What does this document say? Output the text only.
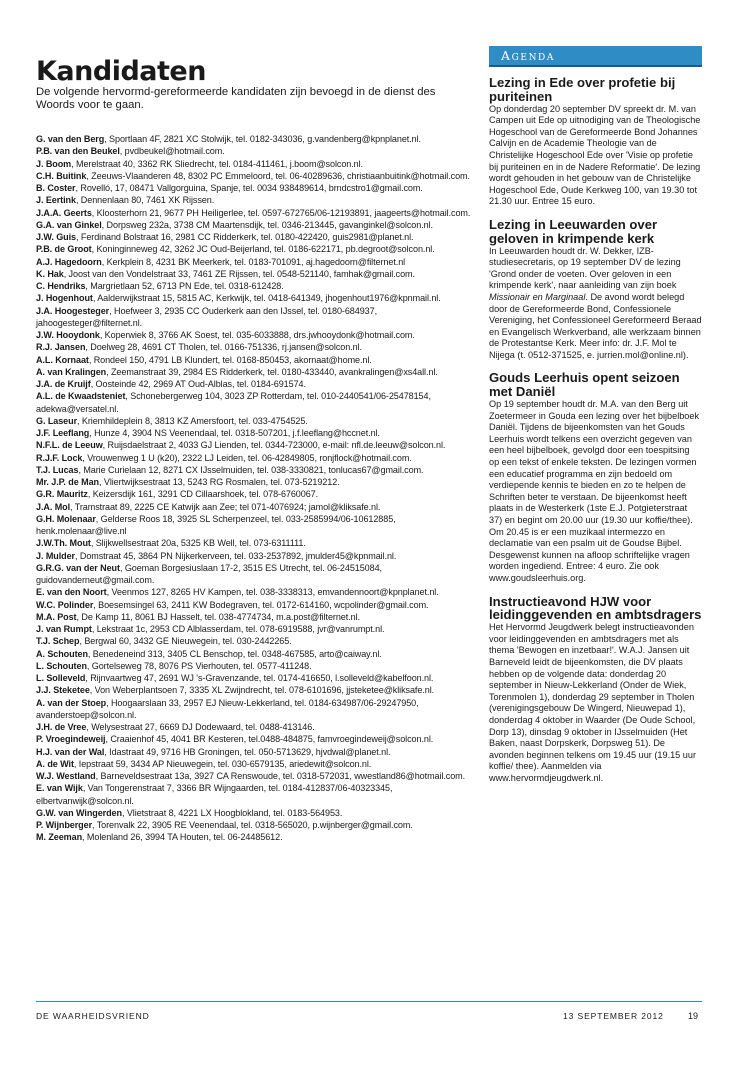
Kandidaten

De volgende hervormd-gereformeerde kandidaten zijn bevoegd in de dienst des Woords voor te gaan.

G. van den Berg, Sportlaan 4F, 2821 XC Stolwijk, tel. 0182-343036, g.vandenberg@kpnplanet.nl.
P.B. van den Beukel, pvdbeukel@hotmail.com.
J. Boom, Merelstraat 40, 3362 RK Sliedrecht, tel. 0184-411461, j.boom@solcon.nl.
C.H. Buitink, Zeeuws-Vlaanderen 48, 8302 PC Emmeloord, tel. 06-40289636, christiaanbuitink@hotmail.com.
B. Coster, Rovelló, 17, 08471 Vallgorguina, Spanje, tel. 0034 938489614, brndcstro1@gmail.com.
J. Eertink, Dennenlaan 80, 7461 XK Rijssen.
J.A.A. Geerts, Kloosterhorn 21, 9677 PH Heiligerlee, tel. 0597-672765/06-12193891, jaageerts@hotmail.com.
G.A. van Ginkel, Dorpsweg 232a, 3738 CM Maartensdijk, tel. 0346-213445, gavanginkel@solcon.nl.
J.W. Guis, Ferdinand Bolstraat 16, 2981 CC Ridderkerk, tel. 0180-422420, guis2981@planet.nl.
P.B. de Groot, Koninginneweg 42, 3262 JC Oud-Beijerland, tel. 0186-622171, pb.degroot@solcon.nl.
A.J. Hagedoorn, Kerkplein 8, 4231 BK Meerkerk, tel. 0183-701091, aj.hagedoorn@filternet.nl
K. Hak, Joost van den Vondelstraat 33, 7461 ZE Rijssen, tel. 0548-521140, famhak@gmail.com.
C. Hendriks, Margrietlaan 52, 6713 PN Ede, tel. 0318-612428.
J. Hogenhout, Aalderwijkstraat 15, 5815 AC, Kerkwijk, tel. 0418-641349, jhogenhout1976@kpnmail.nl.
J.A. Hoogesteger, Hoefweer 3, 2935 CC Ouderkerk aan den IJssel, tel. 0180-684937, jahoogesteger@filternet.nl.
J.W. Hooydonk, Koperwiek 8, 3766 AK Soest, tel. 035-6033888, drs.jwhooydonk@hotmail.com.
R.J. Jansen, Doelweg 28, 4691 CT Tholen, tel. 0166-751336, rj.jansen@solcon.nl.
A.L. Kornaat, Rondeel 150, 4791 LB Klundert, tel. 0168-850453, akornaat@home.nl.
A. van Kralingen, Zeemanstraat 39, 2984 ES Ridderkerk, tel. 0180-433440, avankralingen@xs4all.nl.
J.A. de Kruijf, Oosteinde 42, 2969 AT Oud-Alblas, tel. 0184-691574.
A.L. de Kwaadsteniet, Schonebergerweg 104, 3023 ZP Rotterdam, tel. 010-2440541/06-25478154, adekwa@versatel.nl.
G. Laseur, Kriemhildeplein 8, 3813 KZ Amersfoort, tel. 033-4754525.
J.F. Leeflang, Hunze 4, 3904 NS Veenendaal, tel. 0318-507201, j.f.leeflang@hccnet.nl.
N.F.L. de Leeuw, Ruijsdaelstraat 2, 4033 GJ Lienden, tel. 0344-723000, e-mail: nfl.de.leeuw@solcon.nl.
R.J.F. Lock, Vrouwenweg 1 U (k20), 2322 LJ Leiden, tel. 06-42849805, ronjflock@hotmail.com.
T.J. Lucas, Marie Curielaan 12, 8271 CX IJsselmuiden, tel. 038-3330821, tonlucas67@gmail.com.
Mr. J.P. de Man, Vliertwijksestraat 13, 5243 RG Rosmalen, tel. 073-5219212.
G.R. Mauritz, Keizersdijk 161, 3291 CD Cillaarshoek, tel. 078-6760067.
J.A. Mol, Tramstraat 89, 2225 CE Katwijk aan Zee; tel 071-4076924; jamol@kliksafe.nl.
G.H. Molenaar, Gelderse Roos 18, 3925 SL Scherpenzeel, tel. 033-2585994/06-10612885, henk.molenaar@live.nl
J.W.Th. Mout, Slijkwellsestraat 20a, 5325 KB Well, tel. 073-6311111.
J. Mulder, Domstraat 45, 3864 PN Nijkerkerveen, tel. 033-2537892, jmulder45@kpnmail.nl.
G.R.G. van der Neut, Goeman Borgesiuslaan 17-2, 3515 ES Utrecht, tel. 06-24515084, guidovanderneut@gmail.com.
E. van den Noort, Veenmos 127, 8265 HV Kampen, tel. 038-3338313, emvandennoort@kpnplanet.nl.
W.C. Polinder, Boesemsingel 63, 2411 KW Bodegraven, tel. 0172-614160, wcpolinder@gmail.com.
M.A. Post, De Kamp 11, 8061 BJ Hasselt, tel. 038-4774734, m.a.post@filternet.nl.
J. van Rumpt, Lekstraat 1c, 2953 CD Alblasserdam, tel. 078-6919588, jvr@vanrumpt.nl.
T.J. Schep, Bergwal 60, 3432 GE Nieuwegein, tel. 030-2442265.
A. Schouten, Benedeneind 313, 3405 CL Benschop, tel. 0348-467585, arto@caiway.nl.
L. Schouten, Gortelseweg 78, 8076 PS Vierhouten, tel. 0577-411248.
L. Solleveld, Rijnvaartweg 47, 2691 WJ 's-Gravenzande, tel. 0174-416650, l.solleveld@kabelfoon.nl.
J.J. Steketee, Von Weberplantsoen 7, 3335 XL Zwijndrecht, tel. 078-6101696, jjsteketee@kliksafe.nl.
A. van der Stoep, Hoogaarslaan 33, 2957 EJ Nieuw-Lekkerland, tel. 0184-634987/06-29247950, avanderstoep@solcon.nl.
J.H. de Vree, Welysestraat 27, 6669 DJ Dodewaard, tel. 0488-413146.
P. Vroegindeweij, Craaienhof 45, 4041 BR Kesteren, tel.0488-484875, famvroegindeweij@solcon.nl.
H.J. van der Wal, Idastraat 49, 9716 HB Groningen, tel. 050-5713629, hjvdwal@planet.nl.
A. de Wit, Iepstraat 59, 3434 AP Nieuwegein, tel. 030-6579135, ariedewit@solcon.nl.
W.J. Westland, Barneveldsestraat 13a, 3927 CA Renswoude, tel. 0318-572031, wwestland86@hotmail.com.
E. van Wijk, Van Tongerenstraat 7, 3366 BR Wijngaarden, tel. 0184-412837/06-40323345, elbertvanwijk@solcon.nl.
G.W. van Wingerden, Vlietstraat 8, 4221 LX Hoogblokland, tel. 0183-564953.
P. Wijnberger, Torenvalk 22, 3905 RE Veenendaal, tel. 0318-565020, p.wijnberger@gmail.com.
M. Zeeman, Molenland 26, 3994 TA Houten, tel. 06-24485612.
Agenda
Lezing in Ede over profetie bij puriteinen

Op donderdag 20 september DV spreekt dr. M. van Campen uit Ede op uitnodiging van de Theologische Hogeschool van de Gereformeerde Bond Johannes Calvijn en de Academie Theologie van de Christelijke Hogeschool Ede over 'Visie op profetie bij puriteinen en in de Nadere Reformatie'. De lezing wordt gehouden in het gebouw van de Christelijke Hogeschool Ede, Oude Kerkweg 100, van 19.30 tot 21.30 uur. Entree 15 euro.

Lezing in Leeuwarden over geloven in krimpende kerk

In Leeuwarden houdt dr. W. Dekker, IZB-studiesecretaris, op 19 september DV de lezing 'Grond onder de voeten. Over geloven in een krimpende kerk', naar aanleiding van zijn boek Missionair en Marginaal. De avond wordt belegd door de Gereformeerde Bond, Confessionele Vereniging, het Confessioneel Gereformeerd Beraad en Evangelisch Werkverband, alle werkzaam binnen de Protestantse Kerk. Meer info: dr. J.F. Mol te Nijega (t. 0512-371525, e. jurrien.mol@online.nl).

Gouds Leerhuis opent seizoen met Daniël

Op 19 september houdt dr. M.A. van den Berg uit Zoetermeer in Gouda een lezing over het bijbelboek Daniël. Tijdens de bijeenkomsten van het Gouds Leerhuis wordt telkens een overzicht gegeven van een heel bijbelboek, gevolgd door een toespitsing op een tekst of enkele teksten. De lezingen vormen een educatief programma en zijn bedoeld om verdiepende kennis te bieden en zo te helpen de Schriften beter te verstaan. De bijeenkomst heeft plaats in de Westerkerk (1ste E.J. Potgieterstraat 37) en begint om 20.00 uur (19.30 uur koffie/thee). Om 20.45 is er een muzikaal intermezzo en declamatie van een psalm uit de Goudse Bijbel. Desgewenst kunnen na afloop schriftelijke vragen worden ingediend. Entree: 4 euro. Zie ook www.goudsleerhuis.org.

Instructieavond HJW voor leidinggevenden en ambtsdragers

Het Hervormd Jeugdwerk belegt instructieavonden voor leidinggevenden en ambtsdragers met als thema 'Bewogen en inzetbaar!'. W.A.J. Jansen uit Barneveld leidt de bijeenkomsten, die DV plaats hebben op de volgende data: donderdag 20 september in Nieuw-Lekkerland (Onder de Wiek, Torenmolen 1), donderdag 29 september in Tholen (verenigingsgebouw De Wingerd, Nieuwepad 1), donderdag 4 oktober in Waarder (De Oude School, Dorp 13), dinsdag 9 oktober in IJsselmuiden (Het Baken, naast Dorpskerk, Dorpsweg 51). De avonden beginnen telkens om 19.45 uur (19.15 uur koffie/ thee). Aanmelden via www.hervormdjeugdwerk.nl.

DE WAARHEIDSVRIEND	13 SEPTEMBER 2012	19
